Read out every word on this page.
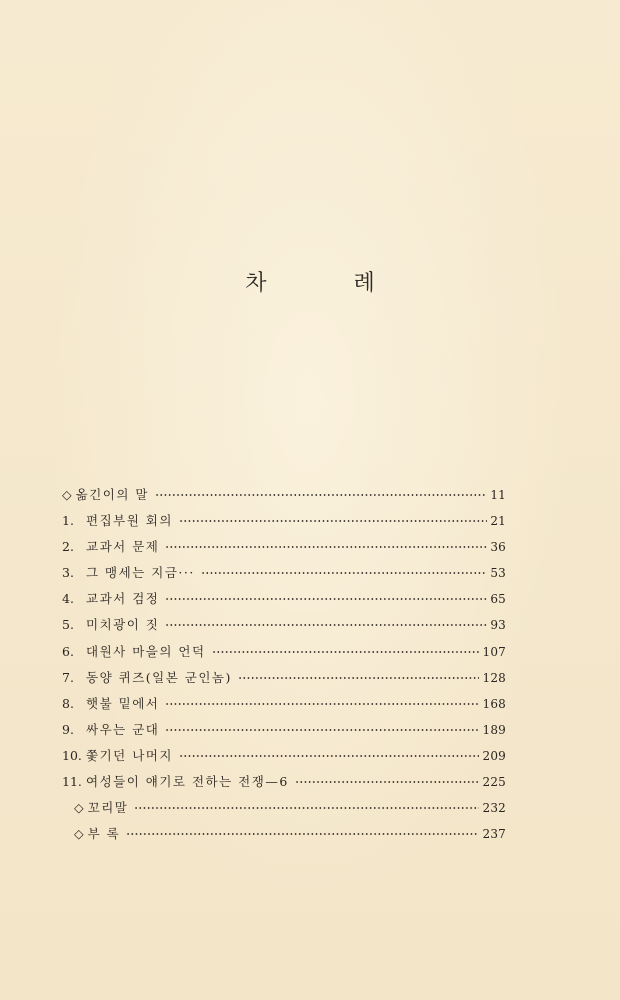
차 례
◇ 옮긴이의 말	11
1. 편집부원 회의	21
2. 교과서 문제	36
3. 그 맹세는 지금···	53
4. 교과서 검정	65
5. 미치광이 짓	93
6. 대원사 마을의 언덕	107
7. 동양 퀴즈(일본 군인놈)	128
8. 햇불 밑에서	168
9. 싸우는 군대	189
10. 쫓기던 나머지	209
11. 여성들이 얘기로 전하는 전쟁—6	225
◇ 꼬리말	232
◇ 부 록	237
